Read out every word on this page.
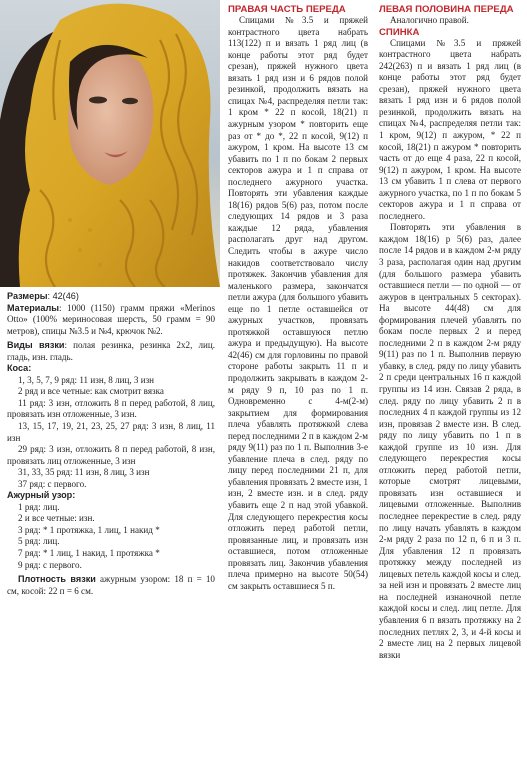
Размеры: 42(46)

Материалы: 1000 (1150) грамм пряжи «Merinos Otto» (100% мериносовая шерсть, 50 грамм = 90 метров), спицы №3.5 и №4, крючок №2.

Виды вязки: полая резинка, резинка 2x2, лиц. гладь, изн. гладь.

Коса:

1, 3, 5, 7, 9 ряд: 11 изн, 8 лиц, 3 изн

2 ряд и все четные: как смотрит вязка

11 ряд: 3 изн, отложить 8 п перед работой, 8 лиц, провязать изн отложенные, 3 изн.

13, 15, 17, 19, 21, 23, 25, 27 ряд: 3 изн, 8 лиц, 11 изн

29 ряд: 3 изн, отложить 8 п перед работой, 8 изн, провязать лиц отложенные, 3 изн

31, 33, 35 ряд: 11 изн, 8 лиц, 3 изн

37 ряд: с первого.

Ажурный узор:

1 ряд: лиц.

2 и все четные: изн.

3 ряд: * 1 протяжка, 1 лиц, 1 накид *

5 ряд: лиц.

7 ряд: * 1 лиц, 1 накид, 1 протяжка *

9 ряд: с первого.

Плотность вязки ажурным узором: 18 п = 10 см, косой: 22 п = 6 см.

ПРАВАЯ ЧАСТЬ ПЕРЕДА

Спицами №3.5 и пряжей контрастного цвета набрать 113(122) п и вязать 1 ряд лиц (в конце работы этот ряд будет срезан), пряжей нужного цвета вязать 1 ряд изн и 6 рядов полой резинкой, продолжить вязать на спицах №4, распределяя петли так: 1 кром * 22 п косой, 18(21) п ажурным узором * повторить еще раз от * до *, 22 п косой, 9(12) п ажуром, 1 кром. На высоте 13 см убавить по 1 п по бокам 2 первых секторов ажура и 1 п справа от последнего ажурного участка. Повторять эти убавления каждые 18(16) рядов 5(6) раз, потом после следующих 14 рядов и 3 раза каждые 12 ряда, убавления располагать друг над другом. Следить чтобы в ажуре число накидов соответствовало числу протяжек. Закончив убавления для маленького размера, закончатся петли ажура (для большого убавить еще по 1 петле оставшейся от ажурных участков, провязать протяжкой оставшуюся петлю ажура и предыдущую). На высоте 42(46) см для горловины по правой стороне работы закрыть 11 п и продолжить закрывать в каждом 2-м ряду 9 п, 10 раз по 1 п. Одновременно с 4-м(2-м) закрытием для формирования плеча убавлять протяжкой слева перед последними 2 п в каждом 2-м ряду 9(11) раз по 1 п. Выполнив 3-е убавление плеча в след. ряду по лицу перед последними 21 п, для убавления провязать 2 вместе изн, 1 изн, 2 вместе изн. и в след. ряду убавить еще 2 п над этой убавкой. Для следующего перекрестия косы отложить перед работой петли, провязанные лиц, и провязать изн оставшиеся, потом отложенные провязать лиц. Закончив убавления плеча примерно на высоте 50(54) см закрыть оставшиеся 5 п.

ЛЕВАЯ ПОЛОВИНА ПЕРЕДА

Аналогично правой.

СПИНКА

Спицами №3.5 и пряжей контрастного цвета набрать 242(263) п и вязать 1 ряд лиц (в конце работы этот ряд будет срезан), пряжей нужного цвета вязать 1 ряд изн и 6 рядов полой резинкой, продолжить вязать на спицах №4, распределяя петли так: 1 кром, 9(12) п ажуром, * 22 п косой, 18(21) п ажуром * повторить часть от до еще 4 раза, 22 п косой, 9(12) п ажуром, 1 кром. На высоте 13 см убавить 1 п слева от первого ажурного участка, по 1 п по бокам 5 секторов ажура и 1 п справа от последнего.

Повторять эти убавления в каждом 18(16) р 5(6) раз, далее после 14 рядов и в каждом 2-м ряду 3 раза, располагая один над другим (для большого размера убавить оставшиеся петли — по одной — от ажуров в центральных 5 секторах). На высоте 44(48) см для формирования плечей убавлять по бокам после первых 2 и перед последними 2 п в каждом 2-м ряду 9(11) раз по 1 п. Выполнив первую убавку, в след. ряду по лицу убавить 2 п среди центральных 16 п каждой группы из 14 изн. Связав 2 ряда, в след. ряду по лицу убавить 2 п в последних 4 п каждой группы из 12 изн, провязав 2 вместе изн. В след. ряду по лицу убавить по 1 п в каждой группе из 10 изн. Для следующего перекрестия косы отложить перед работой петли, которые смотрят лицевыми, провязать изн оставшиеся и лицевыми отложенные. Выполнив последнее перекрестие в след. ряду по лицу начать убавлять в каждом 2-м ряду 2 раза по 12 п, 6 п и 3 п. Для убавления 12 п провязать протяжку между последней из лицевых петель каждой косы и след. за ней изн и провязать 2 вместе лиц на последней изнаночной петле каждой косы и след. лиц петле. Для убавления 6 п вязать протяжку на 2 последних петлях 2, 3, и 4-й косы и 2 вместе лиц на 2 первых лицевой вязки
